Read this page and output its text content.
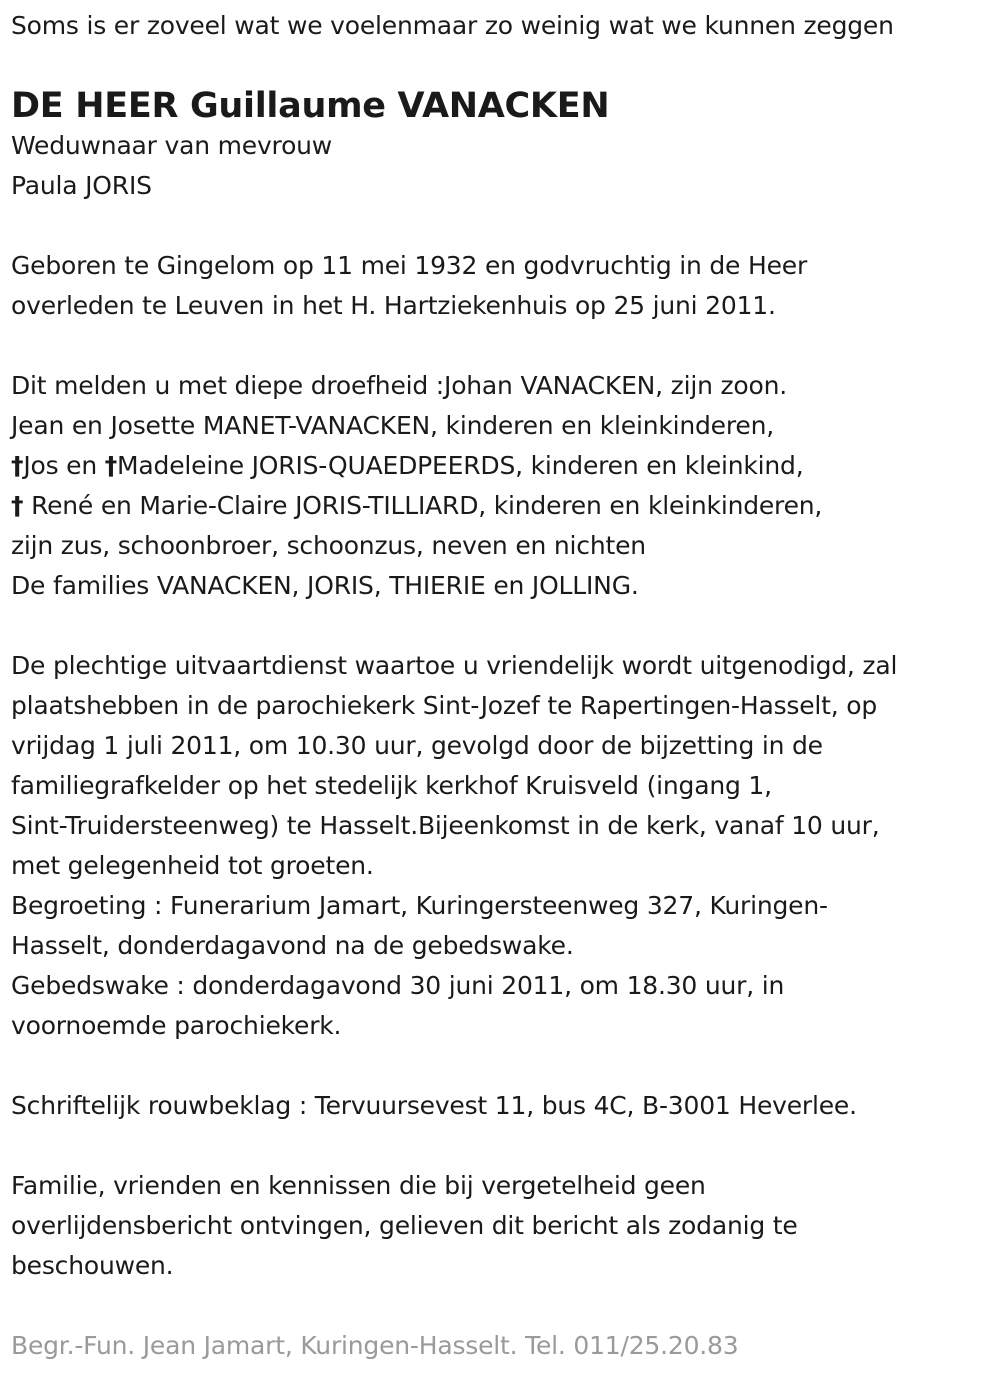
Soms is er zoveel wat we voelenmaar zo weinig wat we kunnen zeggen
DE HEER Guillaume VANACKEN
Weduwnaar van mevrouw
Paula JORIS
Geboren te Gingelom op 11 mei 1932 en godvruchtig in de Heer
overleden te Leuven in het H. Hartziekenhuis op 25 juni 2011.
Dit melden u met diepe droefheid :Johan VANACKEN, zijn zoon.
Jean en Josette MANET-VANACKEN, kinderen en kleinkinderen,
†Jos en †Madeleine JORIS-QUAEDPEERDS, kinderen en kleinkind,
† René en Marie-Claire JORIS-TILLIARD, kinderen en kleinkinderen,
zijn zus, schoonbroer, schoonzus, neven en nichten
De families VANACKEN, JORIS, THIERIE en JOLLING.
De plechtige uitvaartdienst waartoe u vriendelijk wordt uitgenodigd, zal
plaatshebben in de parochiekerk Sint-Jozef te Rapertingen-Hasselt, op
vrijdag 1 juli 2011, om 10.30 uur, gevolgd door de bijzetting in de
familiegrafkelder op het stedelijk kerkhof Kruisveld (ingang 1,
Sint-Truidersteenweg) te Hasselt.Bijeenkomst in de kerk, vanaf 10 uur,
met gelegenheid tot groeten.
Begroeting : Funerarium Jamart, Kuringersteenweg 327, Kuringen-
Hasselt, donderdagavond na de gebedswake.
Gebedswake : donderdagavond 30 juni 2011, om 18.30 uur, in
voornoemde parochiekerk.
Schriftelijk rouwbeklag : Tervuursevest 11, bus 4C, B-3001 Heverlee.
Familie, vrienden en kennissen die bij vergetelheid geen
overlijdensbericht ontvingen, gelieven dit bericht als zodanig te
beschouwen.
Begr.-Fun. Jean Jamart, Kuringen-Hasselt. Tel. 011/25.20.83
